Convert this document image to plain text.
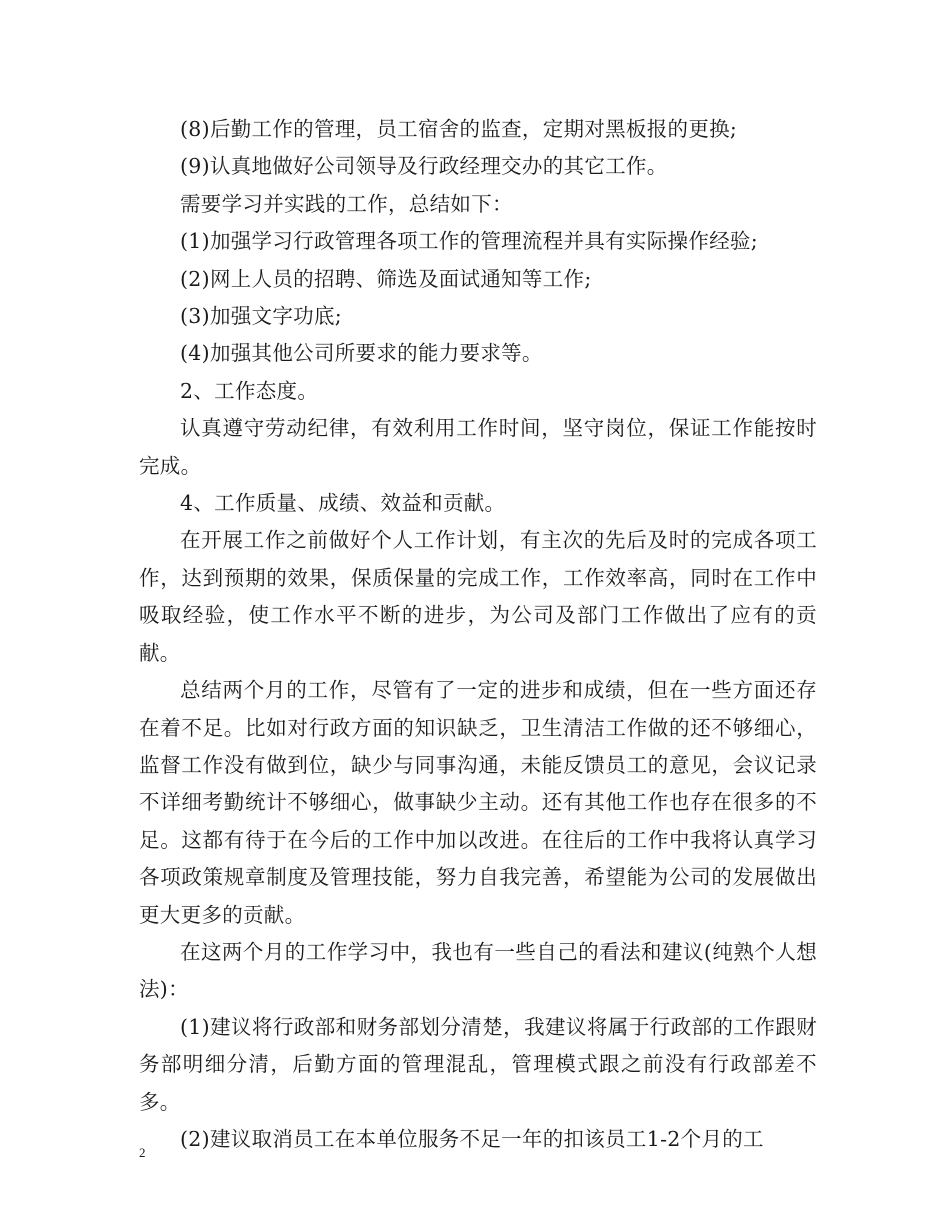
(8)后勤工作的管理，员工宿舍的监查，定期对黑板报的更换;

(9)认真地做好公司领导及行政经理交办的其它工作。

需要学习并实践的工作，总结如下：

(1)加强学习行政管理各项工作的管理流程并具有实际操作经验;

(2)网上人员的招聘、筛选及面试通知等工作;

(3)加强文字功底;

(4)加强其他公司所要求的能力要求等。

2、工作态度。

认真遵守劳动纪律，有效利用工作时间，坚守岗位，保证工作能按时完成。

4、工作质量、成绩、效益和贡献。

在开展工作之前做好个人工作计划，有主次的先后及时的完成各项工作，达到预期的效果，保质保量的完成工作，工作效率高，同时在工作中吸取经验，使工作水平不断的进步，为公司及部门工作做出了应有的贡献。

总结两个月的工作，尽管有了一定的进步和成绩，但在一些方面还存在着不足。比如对行政方面的知识缺乏，卫生清洁工作做的还不够细心，监督工作没有做到位，缺少与同事沟通，未能反馈员工的意见，会议记录不详细考勤统计不够细心，做事缺少主动。还有其他工作也存在很多的不足。这都有待于在今后的工作中加以改进。在往后的工作中我将认真学习各项政策规章制度及管理技能，努力自我完善，希望能为公司的发展做出更大更多的贡献。

在这两个月的工作学习中，我也有一些自己的看法和建议(纯熟个人想法)：

(1)建议将行政部和财务部划分清楚，我建议将属于行政部的工作跟财务部明细分清，后勤方面的管理混乱，管理模式跟之前没有行政部差不多。

(2)建议取消员工在本单位服务不足一年的扣该员工1-2个月的工

2
